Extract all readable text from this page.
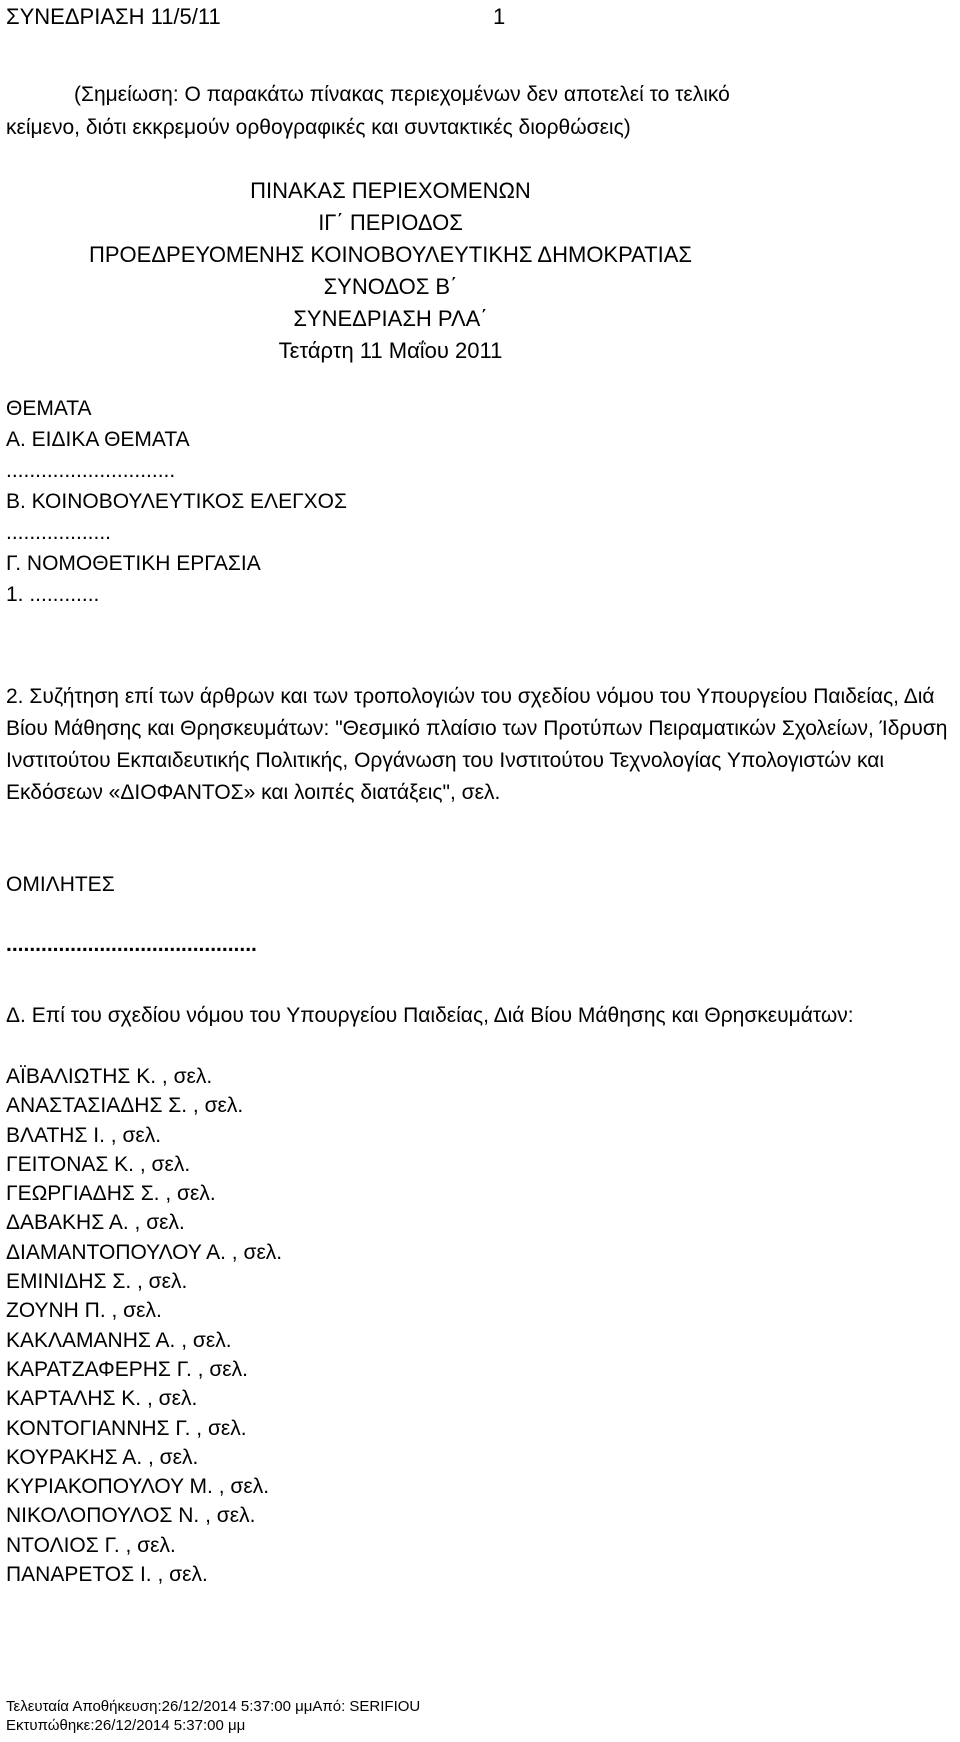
ΣΥΝΕΔΡΙΑΣΗ 11/5/11	1
(Σημείωση: Ο παρακάτω πίνακας περιεχομένων δεν αποτελεί το τελικό
κείμενο, διότι εκκρεμούν ορθογραφικές και συντακτικές διορθώσεις)
ΠΙΝΑΚΑΣ ΠΕΡΙΕΧΟΜΕΝΩΝ
ΙΓ΄ ΠΕΡΙΟΔΟΣ
ΠΡΟΕΔΡΕΥΟΜΕΝΗΣ ΚΟΙΝΟΒΟΥΛΕΥΤΙΚΗΣ ΔΗΜΟΚΡΑΤΙΑΣ
ΣΥΝΟΔΟΣ Β΄
ΣΥΝΕΔΡΙΑΣΗ ΡΛΑ΄
Τετάρτη 11 Μαΐου 2011
ΘΕΜΑΤΑ
Α. ΕΙΔΙΚΑ ΘΕΜΑΤΑ
.............................
Β. ΚΟΙΝΟΒΟΥΛΕΥΤΙΚΟΣ ΕΛΕΓΧΟΣ
..................
Γ. ΝΟΜΟΘΕΤΙΚΗ ΕΡΓΑΣΙΑ
1. ............
2. Συζήτηση επί των άρθρων και των τροπολογιών του σχεδίου νόμου του Υπουργείου Παιδείας, Διά Βίου Μάθησης και Θρησκευμάτων: "Θεσμικό πλαίσιο των Προτύπων Πειραματικών Σχολείων, Ίδρυση Ινστιτούτου Εκπαιδευτικής Πολιτικής, Οργάνωση του Ινστιτούτου Τεχνολογίας Υπολογιστών και Εκδόσεων «ΔΙΟΦΑΝΤΟΣ» και λοιπές διατάξεις", σελ.
ΟΜΙΛΗΤΕΣ
...........................................
Δ. Επί του σχεδίου νόμου του Υπουργείου Παιδείας, Διά Βίου Μάθησης και Θρησκευμάτων:
ΑΪΒΑΛΙΩΤΗΣ Κ. , σελ.
ΑΝΑΣΤΑΣΙΑΔΗΣ Σ. , σελ.
ΒΛΑΤΗΣ Ι. , σελ.
ΓΕΙΤΟΝΑΣ Κ. , σελ.
ΓΕΩΡΓΙΑΔΗΣ Σ. , σελ.
ΔΑΒΑΚΗΣ Α. , σελ.
ΔΙΑΜΑΝΤΟΠΟΥΛΟΥ Α. , σελ.
ΕΜΙΝΙΔΗΣ Σ. , σελ.
ΖΟΥΝΗ Π. , σελ.
ΚΑΚΛΑΜΑΝΗΣ Α. , σελ.
ΚΑΡΑΤΖΑΦΕΡΗΣ Γ. , σελ.
ΚΑΡΤΑΛΗΣ Κ. , σελ.
ΚΟΝΤΟΓΙΑΝΝΗΣ Γ. , σελ.
ΚΟΥΡΑΚΗΣ Α. , σελ.
ΚΥΡΙΑΚΟΠΟΥΛΟΥ Μ. , σελ.
ΝΙΚΟΛΟΠΟΥΛΟΣ Ν. , σελ.
ΝΤΟΛΙΟΣ Γ. , σελ.
ΠΑΝΑΡΕΤΟΣ Ι. , σελ.
Τελευταία Αποθήκευση:26/12/2014 5:37:00 μμΑπό: SERIFIOU
Εκτυπώθηκε:26/12/2014 5:37:00 μμ
